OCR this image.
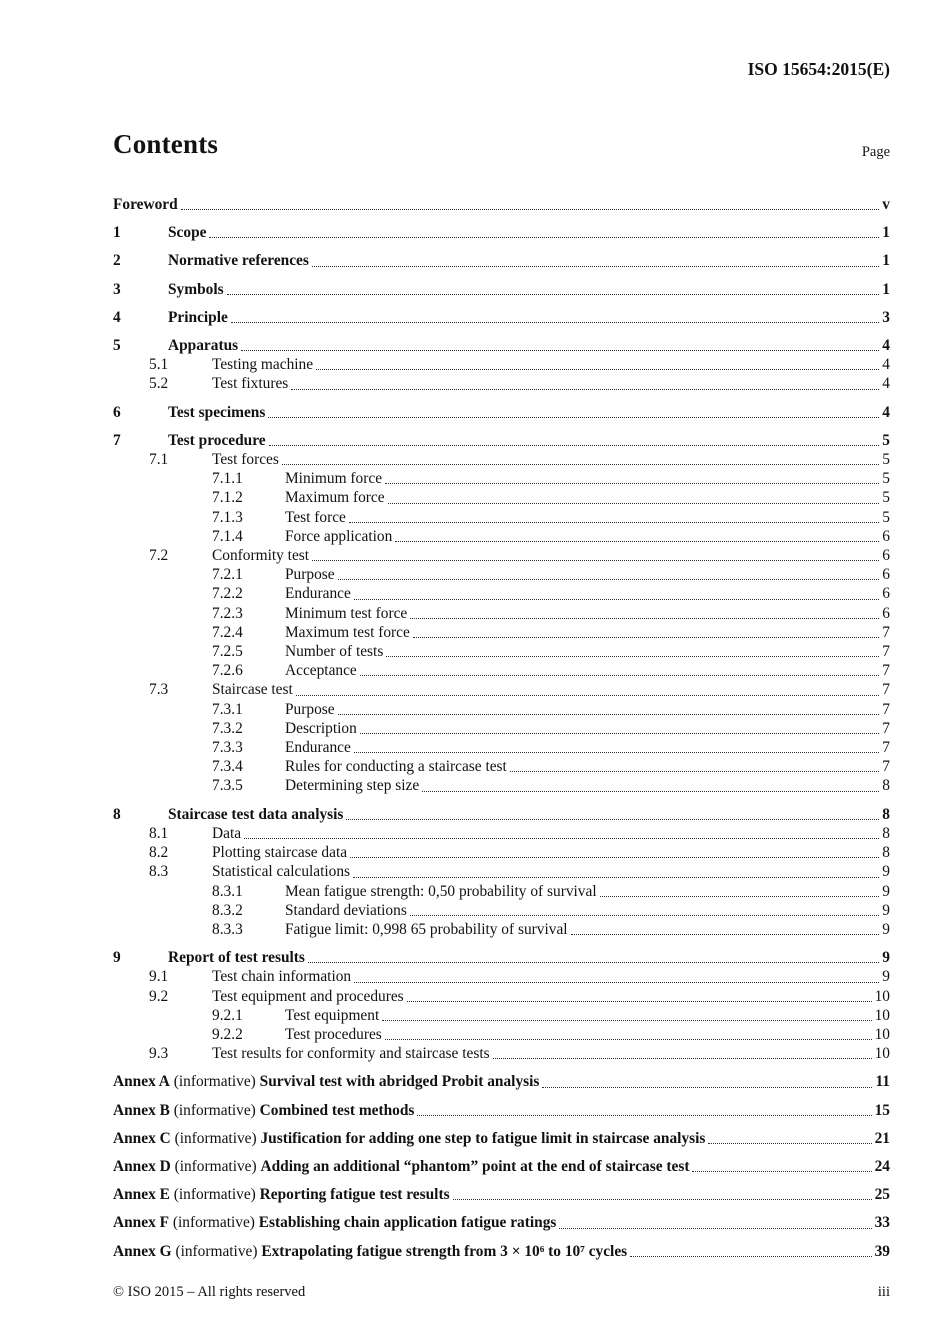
ISO 15654:2015(E)
Contents	Page
Foreword	v
1	Scope	1
2	Normative references	1
3	Symbols	1
4	Principle	3
5	Apparatus	4
5.1	Testing machine	4
5.2	Test fixtures	4
6	Test specimens	4
7	Test procedure	5
7.1	Test forces	5
7.1.1	Minimum force	5
7.1.2	Maximum force	5
7.1.3	Test force	5
7.1.4	Force application	6
7.2	Conformity test	6
7.2.1	Purpose	6
7.2.2	Endurance	6
7.2.3	Minimum test force	6
7.2.4	Maximum test force	7
7.2.5	Number of tests	7
7.2.6	Acceptance	7
7.3	Staircase test	7
7.3.1	Purpose	7
7.3.2	Description	7
7.3.3	Endurance	7
7.3.4	Rules for conducting a staircase test	7
7.3.5	Determining step size	8
8	Staircase test data analysis	8
8.1	Data	8
8.2	Plotting staircase data	8
8.3	Statistical calculations	9
8.3.1	Mean fatigue strength: 0,50 probability of survival	9
8.3.2	Standard deviations	9
8.3.3	Fatigue limit: 0,998 65 probability of survival	9
9	Report of test results	9
9.1	Test chain information	9
9.2	Test equipment and procedures	10
9.2.1	Test equipment	10
9.2.2	Test procedures	10
9.3	Test results for conformity and staircase tests	10
Annex A (informative) Survival test with abridged Probit analysis	11
Annex B (informative) Combined test methods	15
Annex C (informative) Justification for adding one step to fatigue limit in staircase analysis	21
Annex D (informative) Adding an additional “phantom” point at the end of staircase test	24
Annex E (informative) Reporting fatigue test results	25
Annex F (informative) Establishing chain application fatigue ratings	33
Annex G (informative) Extrapolating fatigue strength from 3 × 10⁶ to 10⁷ cycles	39
© ISO 2015 – All rights reserved	iii
